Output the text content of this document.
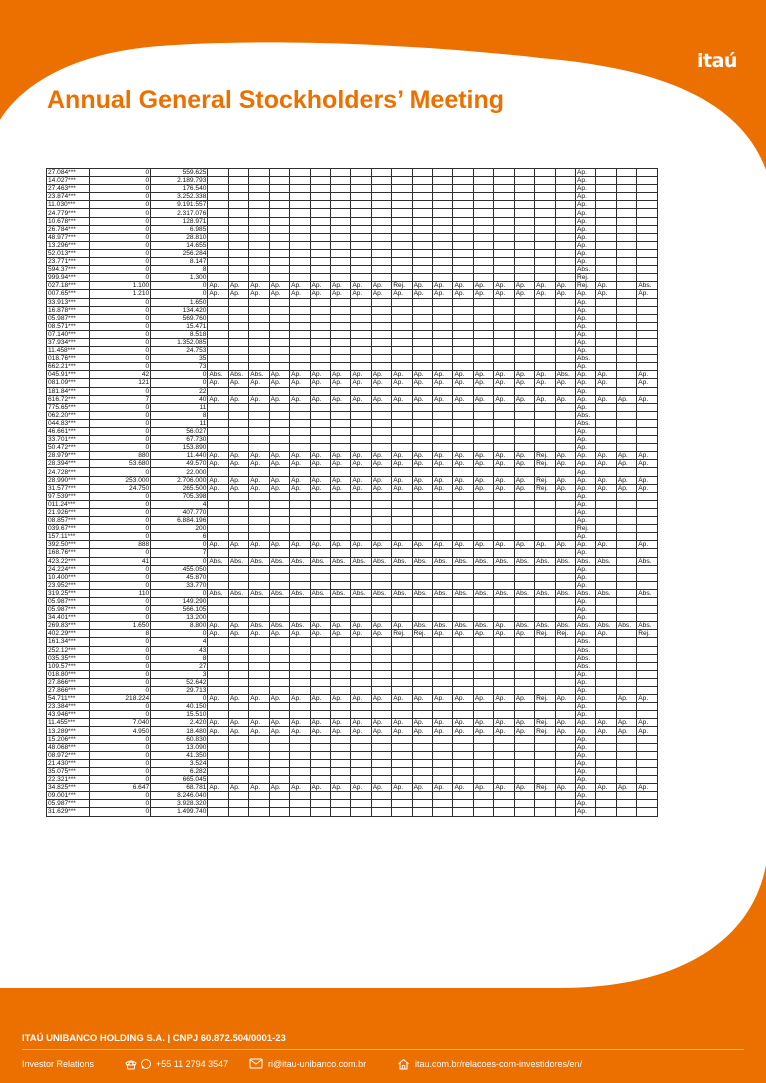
itaú
Annual General Stockholders’ Meeting
27.084***	0	559.625																			Ap.			
14.027***	0	2.189.793																			Ap.			
27.463***	0	176.540																			Ap.			
23.874***	0	3.252.338																			Ap.			
11.030***	0	9.191.557																			Ap.			
24.779***	0	2.317.076																			Ap.			
10.678***	0	128.971																			Ap.			
26.784***	0	6.985																			Ap.			
48.977***	0	28.810																			Ap.			
13.296***	0	14.655																			Ap.			
52.013***	0	256.284																			Ap.			
23.771***	0	8.147																			Ap.			
594.37***	0	8																			Abs.			
999.94***	0	1.300																			Rej.			
027.18***	1.100	0	Ap.	Ap.	Ap.	Ap.	Ap.	Ap.	Ap.	Ap.	Ap.	Rej.	Ap.	Ap.	Ap.	Ap.	Ap.	Ap.	Ap.	Ap.	Rej.	Ap.		Abs.
007.65***	1.210	0	Ap.	Ap.	Ap.	Ap.	Ap.	Ap.	Ap.	Ap.	Ap.	Ap.	Ap.	Ap.	Ap.	Ap.	Ap.	Ap.	Ap.	Ap.	Ap.	Ap.		Ap.
33.913***	0	1.650																			Ap.			
16.878***	0	134.420																			Ap.			
05.987***	0	569.760																			Ap.			
08.571***	0	15.471																			Ap.			
07.140***	0	8.518																			Ap.			
37.934***	0	1.352.085																			Ap.			
11.458***	0	24.753																			Ap.			
018.76***	0	35																			Abs.			
662.21***	0	73																			Ap.			
045.91***	42	0	Abs.	Abs.	Abs.	Ap.	Ap.	Ap.	Ap.	Ap.	Ap.	Ap.	Ap.	Ap.	Ap.	Ap.	Ap.	Ap.	Ap.	Abs.	Ap.	Ap.		Ap.
081.09***	121	0	Ap.	Ap.	Ap.	Ap.	Ap.	Ap.	Ap.	Ap.	Ap.	Ap.	Ap.	Ap.	Ap.	Ap.	Ap.	Ap.	Ap.	Ap.	Ap.	Ap.		Ap.
181.84***	0	22																			Ap.			
616.72***	7	40	Ap.	Ap.	Ap.	Ap.	Ap.	Ap.	Ap.	Ap.	Ap.	Ap.	Ap.	Ap.	Ap.	Ap.	Ap.	Ap.	Ap.	Ap.	Ap.	Ap.	Ap.	Ap.
775.65***	0	11																			Ap.			
062.20***	0	8																			Abs.			
044.83***	0	11																			Abs.			
46.661***	0	56.027																			Ap.			
33.701***	0	67.730																			Ap.			
50.472***	0	153.890																			Ap.			
28.979***	880	11.440	Ap.	Ap.	Ap.	Ap.	Ap.	Ap.	Ap.	Ap.	Ap.	Ap.	Ap.	Ap.	Ap.	Ap.	Ap.	Ap.	Rej.	Ap.	Ap.	Ap.	Ap.	Ap.
28.394***	53.680	49.570	Ap.	Ap.	Ap.	Ap.	Ap.	Ap.	Ap.	Ap.	Ap.	Ap.	Ap.	Ap.	Ap.	Ap.	Ap.	Ap.	Rej.	Ap.	Ap.	Ap.	Ap.	Ap.
24.728***	0	22.000																			Ap.			
28.990***	253.000	2.706.000	Ap.	Ap.	Ap.	Ap.	Ap.	Ap.	Ap.	Ap.	Ap.	Ap.	Ap.	Ap.	Ap.	Ap.	Ap.	Ap.	Rej.	Ap.	Ap.	Ap.	Ap.	Ap.
31.577***	24.750	265.500	Ap.	Ap.	Ap.	Ap.	Ap.	Ap.	Ap.	Ap.	Ap.	Ap.	Ap.	Ap.	Ap.	Ap.	Ap.	Ap.	Rej.	Ap.	Ap.	Ap.	Ap.	Ap.
97.539***	0	705.398																			Ap.			
011.24***	0	4																			Ap.			
21.926***	0	407.770																			Ap.			
08.857***	0	6.884.196																			Ap.			
039.67***	0	200																			Rej.			
157.11***	0	6																			Ap.			
392.50***	888	0	Ap.	Ap.	Ap.	Ap.	Ap.	Ap.	Ap.	Ap.	Ap.	Ap.	Ap.	Ap.	Ap.	Ap.	Ap.	Ap.	Ap.	Ap.	Ap.	Ap.		Ap.
168.76***	0	7																			Ap.			
423.22***	41	0	Abs.	Abs.	Abs.	Abs.	Abs.	Abs.	Abs.	Abs.	Abs.	Abs.	Abs.	Abs.	Abs.	Abs.	Abs.	Abs.	Abs.	Abs.	Abs.	Abs.		Abs.
24.224***	0	455.050																			Ap.			
10.400***	0	45.870																			Ap.			
23.952***	0	33.770																			Ap.			
319.25***	110	0	Abs.	Abs.	Abs.	Abs.	Abs.	Abs.	Abs.	Abs.	Abs.	Abs.	Abs.	Abs.	Abs.	Abs.	Abs.	Abs.	Abs.	Abs.	Abs.	Abs.		Abs.
05.987***	0	149.290																			Ap.			
05.987***	0	566.105																			Ap.			
34.401***	0	13.200																			Ap.			
269.83***	1.650	8.800	Ap.	Ap.	Abs.	Abs.	Abs.	Ap.	Ap.	Ap.	Ap.	Ap.	Abs.	Abs.	Abs.	Abs.	Ap.	Abs.	Abs.	Abs.	Abs.	Abs.	Abs.	Abs.
402.29***	8	0	Ap.	Ap.	Ap.	Ap.	Ap.	Ap.	Ap.	Ap.	Ap.	Rej.	Rej.	Ap.	Ap.	Ap.	Ap.	Ap.	Rej.	Rej.	Ap.	Ap.		Rej.
161.34***	0	4																			Abs.			
252.12***	0	43																			Abs.			
035.35***	0	8																			Abs.			
109.57***	0	27																			Abs.			
018.80***	0	3																			Ap.			
27.866***	0	52.642																			Ap.			
27.866***	0	29.713																			Ap.			
54.711***	218.224	0	Ap.	Ap.	Ap.	Ap.	Ap.	Ap.	Ap.	Ap.	Ap.	Ap.	Ap.	Ap.	Ap.	Ap.	Ap.	Ap.	Rej.	Ap.	Ap.		Ap.	Ap.
23.384***	0	40.150																			Ap.			
43.946***	0	15.510																			Ap.			
11.455***	7.040	2.420	Ap.	Ap.	Ap.	Ap.	Ap.	Ap.	Ap.	Ap.	Ap.	Ap.	Ap.	Ap.	Ap.	Ap.	Ap.	Ap.	Rej.	Ap.	Ap.	Ap.	Ap.	Ap.
13.289***	4.950	18.480	Ap.	Ap.	Ap.	Ap.	Ap.	Ap.	Ap.	Ap.	Ap.	Ap.	Ap.	Ap.	Ap.	Ap.	Ap.	Ap.	Rej.	Ap.	Ap.	Ap.	Ap.	Ap.
15.206***	0	60.830																			Ap.			
48.068***	0	13.090																			Ap.			
08.972***	0	41.350																			Ap.			
21.430***	0	3.524																			Ap.			
35.075***	0	6.282																			Ap.			
22.321***	0	665.045																			Ap.			
34.825***	6.647	68.781	Ap.	Ap.	Ap.	Ap.	Ap.	Ap.	Ap.	Ap.	Ap.	Ap.	Ap.	Ap.	Ap.	Ap.	Ap.	Ap.	Rej.	Ap.	Ap.	Ap.	Ap.	Ap.
09.001***	0	8.246.040																			Ap.			
05.987***	0	3.928.320																			Ap.			
31.629***	0	1.499.740																			Ap.			
ITAÚ UNIBANCO HOLDING S.A. | CNPJ 60.872.504/0001-23
Investor Relations	+55 11 2794 3547	ri@itau-unibanco.com.br	itau.com.br/relacoes-com-investidores/en/
